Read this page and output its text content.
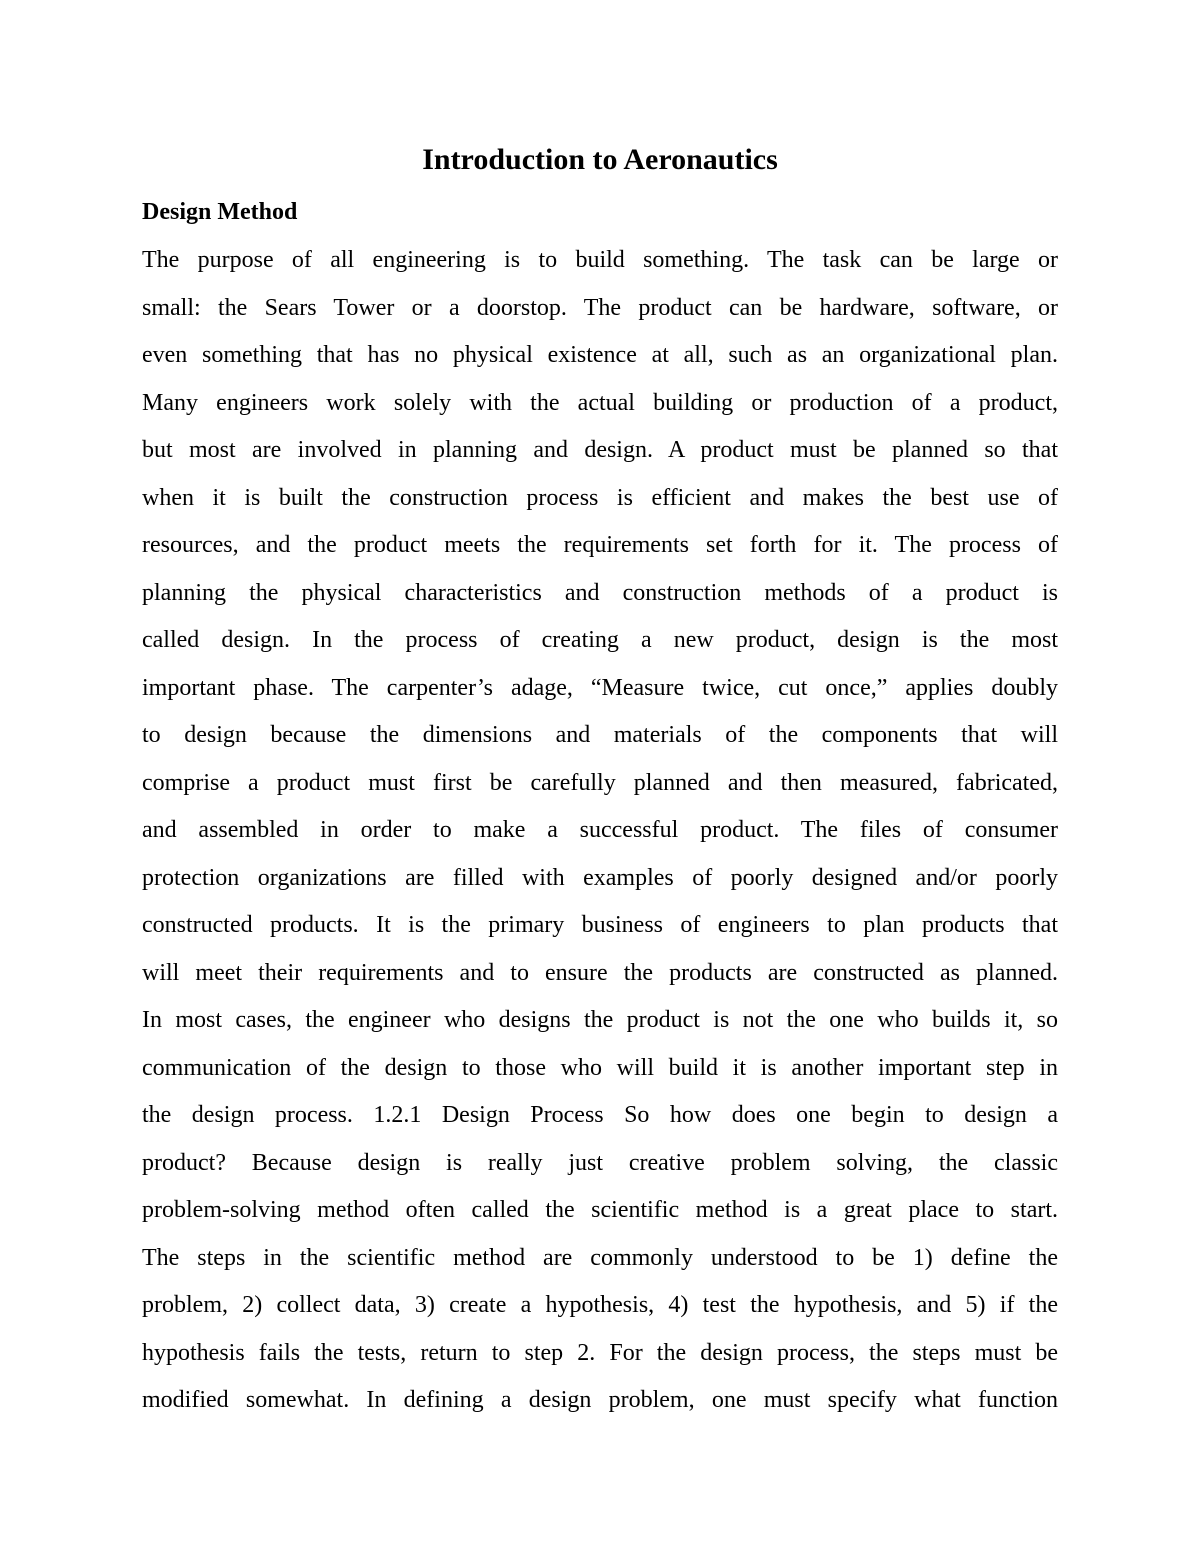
Introduction to Aeronautics
Design Method
The purpose of all engineering is to build something. The task can be large or
small: the Sears Tower or a doorstop. The product can be hardware, software, or
even something that has no physical existence at all, such as an organizational plan.
Many engineers work solely with the actual building or production of a product,
but most are involved in planning and design. A product must be planned so that
when it is built the construction process is efficient and makes the best use of
resources, and the product meets the requirements set forth for it. The process of
planning the physical characteristics and construction methods of a product is
called design. In the process of creating a new product, design is the most
important phase. The carpenter’s adage, “Measure twice, cut once,” applies doubly
to design because the dimensions and materials of the components that will
comprise a product must first be carefully planned and then measured, fabricated,
and assembled in order to make a successful product. The files of consumer
protection organizations are filled with examples of poorly designed and/or poorly
constructed products. It is the primary business of engineers to plan products that
will meet their requirements and to ensure the products are constructed as planned.
In most cases, the engineer who designs the product is not the one who builds it, so
communication of the design to those who will build it is another important step in
the design process. 1.2.1 Design Process So how does one begin to design a
product? Because design is really just creative problem solving, the classic
problem-solving method often called the scientific method is a great place to start.
The steps in the scientific method are commonly understood to be 1) define the
problem, 2) collect data, 3) create a hypothesis, 4) test the hypothesis, and 5) if the
hypothesis fails the tests, return to step 2. For the design process, the steps must be
modified somewhat. In defining a design problem, one must specify what function
